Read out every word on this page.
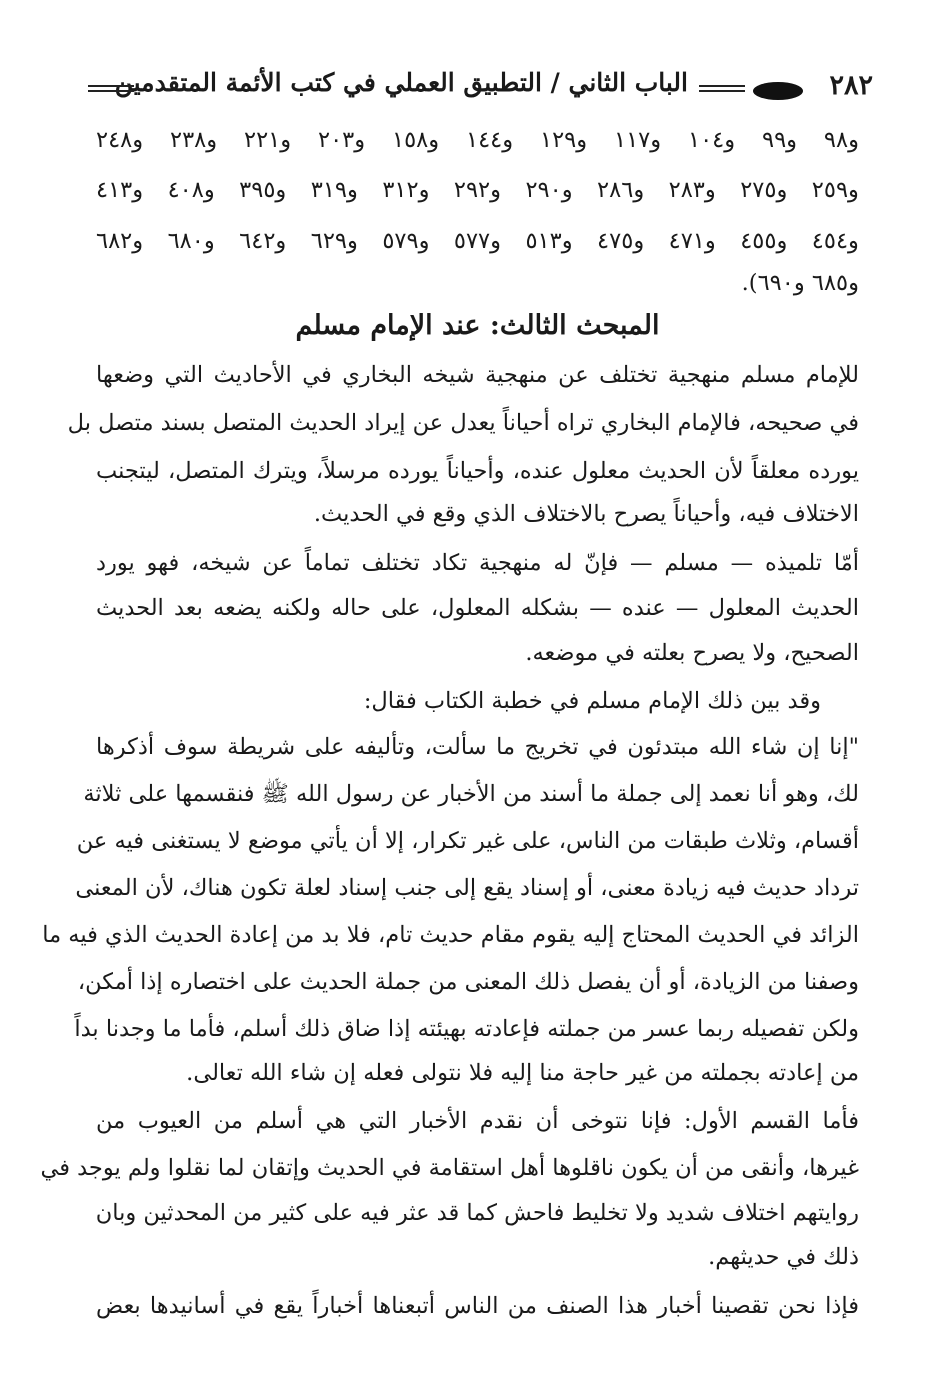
٢٨٢
الباب الثاني / التطبيق العملي في كتب الأئمة المتقدمين
و٩٨ و٩٩ و١٠٤ و١١٧ و١٢٩ و١٤٤ و١٥٨ و٢٠٣ و٢٢١ و٢٣٨ و٢٤٨
و٢٥٩ و٢٧٥ و٢٨٣ و٢٨٦ و٢٩٠ و٢٩٢ و٣١٢ و٣١٩ و٣٩٥ و٤٠٨ و٤١٣
و٤٥٤ و٤٥٥ و٤٧١ و٤٧٥ و٥١٣ و٥٧٧ و٥٧٩ و٦٢٩ و٦٤٢ و٦٨٠ و٦٨٢
و٦٨٥ و٦٩٠).
المبحث الثالث: عند الإمام مسلم
للإمام مسلم منهجية تختلف عن منهجية شيخه البخاري في الأحاديث التي وضعها
في صحيحه، فالإمام البخاري تراه أحياناً يعدل عن إيراد الحديث المتصل بسند متصل بل
يورده معلقاً لأن الحديث معلول عنده، وأحياناً يورده مرسلاً، ويترك المتصل، ليتجنب
الاختلاف فيه، وأحياناً يصرح بالاختلاف الذي وقع في الحديث.
أمّا تلميذه — مسلم — فإنّ له منهجية تكاد تختلف تماماً عن شيخه، فهو يورد
الحديث المعلول — عنده — بشكله المعلول، على حاله ولكنه يضعه بعد الحديث
الصحيح، ولا يصرح بعلته في موضعه.
وقد بين ذلك الإمام مسلم في خطبة الكتاب فقال:
"إنا إن شاء الله مبتدئون في تخريج ما سألت، وتأليفه على شريطة سوف أذكرها
لك، وهو أنا نعمد إلى جملة ما أسند من الأخبار عن رسول الله ﷺ فنقسمها على ثلاثة
أقسام، وثلاث طبقات من الناس، على غير تكرار، إلا أن يأتي موضع لا يستغنى فيه عن
ترداد حديث فيه زيادة معنى، أو إسناد يقع إلى جنب إسناد لعلة تكون هناك، لأن المعنى
الزائد في الحديث المحتاج إليه يقوم مقام حديث تام، فلا بد من إعادة الحديث الذي فيه ما
وصفنا من الزيادة، أو أن يفصل ذلك المعنى من جملة الحديث على اختصاره إذا أمكن،
ولكن تفصيله ربما عسر من جملته فإعادته بهيئته إذا ضاق ذلك أسلم، فأما ما وجدنا بداً
من إعادته بجملته من غير حاجة منا إليه فلا نتولى فعله إن شاء الله تعالى.
فأما القسم الأول: فإنا نتوخى أن نقدم الأخبار التي هي أسلم من العيوب من
غيرها، وأنقى من أن يكون ناقلوها أهل استقامة في الحديث وإتقان لما نقلوا ولم يوجد في
روايتهم اختلاف شديد ولا تخليط فاحش كما قد عثر فيه على كثير من المحدثين وبان
ذلك في حديثهم.
فإذا نحن تقصينا أخبار هذا الصنف من الناس أتبعناها أخباراً يقع في أسانيدها بعض
